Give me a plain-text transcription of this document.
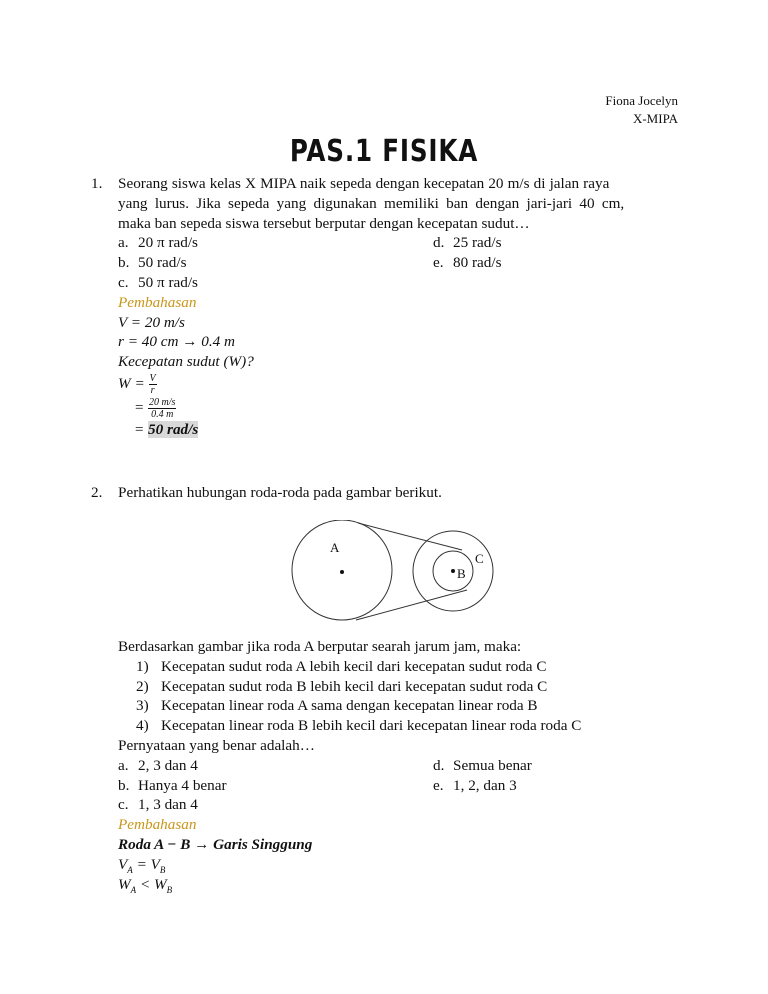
Fiona Jocelyn
X-MIPA
PAS.1 FISIKA
1. Seorang siswa kelas X MIPA naik sepeda dengan kecepatan 20 m/s di jalan raya
yang lurus. Jika sepeda yang digunakan memiliki ban dengan jari-jari 40 cm,
maka ban sepeda siswa tersebut berputar dengan kecepatan sudut…
a. 20 π rad/s
b. 50 rad/s
c. 50 π rad/s
d. 25 rad/s
e. 80 rad/s
Pembahasan
V = 20 m/s
r = 40 cm → 0.4 m
Kecepatan sudut (W)?
$W = \frac{V}{r}$
= $\frac{20 m/s}{0.4 m}$
= 50 rad/s
2. Perhatikan hubungan roda-roda pada gambar berikut.
A
B
C
Berdasarkan gambar jika roda A berputar searah jarum jam, maka:
1) Kecepatan sudut roda A lebih kecil dari kecepatan sudut roda C
2) Kecepatan sudut roda B lebih kecil dari kecepatan sudut roda C
3) Kecepatan linear roda A sama dengan kecepatan linear roda B
4) Kecepatan linear roda B lebih kecil dari kecepatan linear roda roda C
Pernyataan yang benar adalah…
a. 2, 3 dan 4
b. Hanya 4 benar
c. 1, 3 dan 4
d. Semua benar
e. 1, 2, dan 3
Pembahasan
Roda A − B → Garis Singgung
$V_A = V_B$
$W_A < W_B$
